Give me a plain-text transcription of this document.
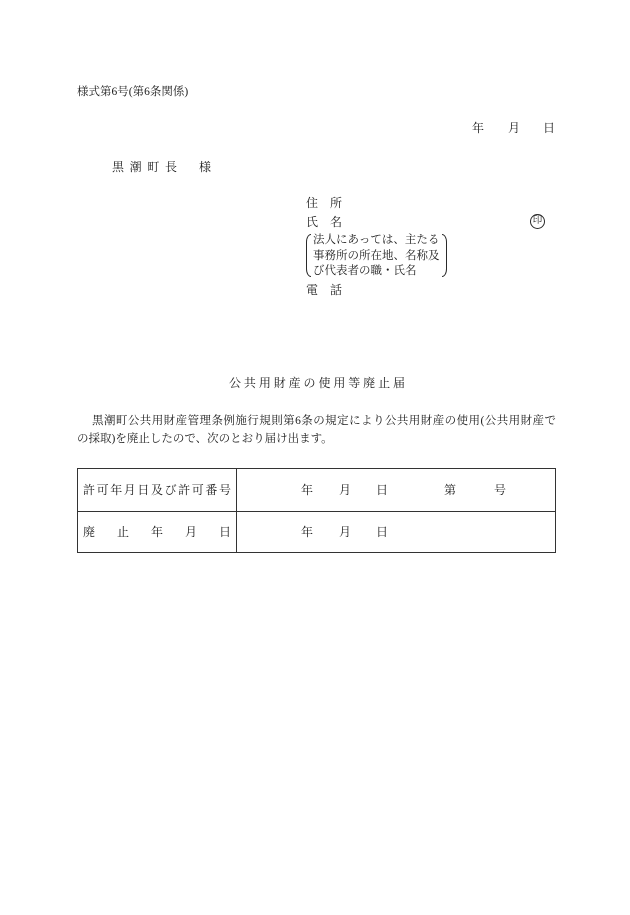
様式第6号(第6条関係)
年 月 日
黒 潮 町 長 様
住 所
氏 名	印
法人にあっては、主たる
事務所の所在地、名称及
び代表者の職・氏名
電 話
公 共 用 財 産 の 使 用 等 廃 止 届
黒潮町公共用財産管理条例施行規則第6条の規定により公共用財産の使用(公共用財産で
の採取)を廃止したので、次のとおり届け出ます。
許 可 年 月 日 及 び 許 可 番 号	年 月 日	第	号
廃 止 年 月 日	年 月 日
